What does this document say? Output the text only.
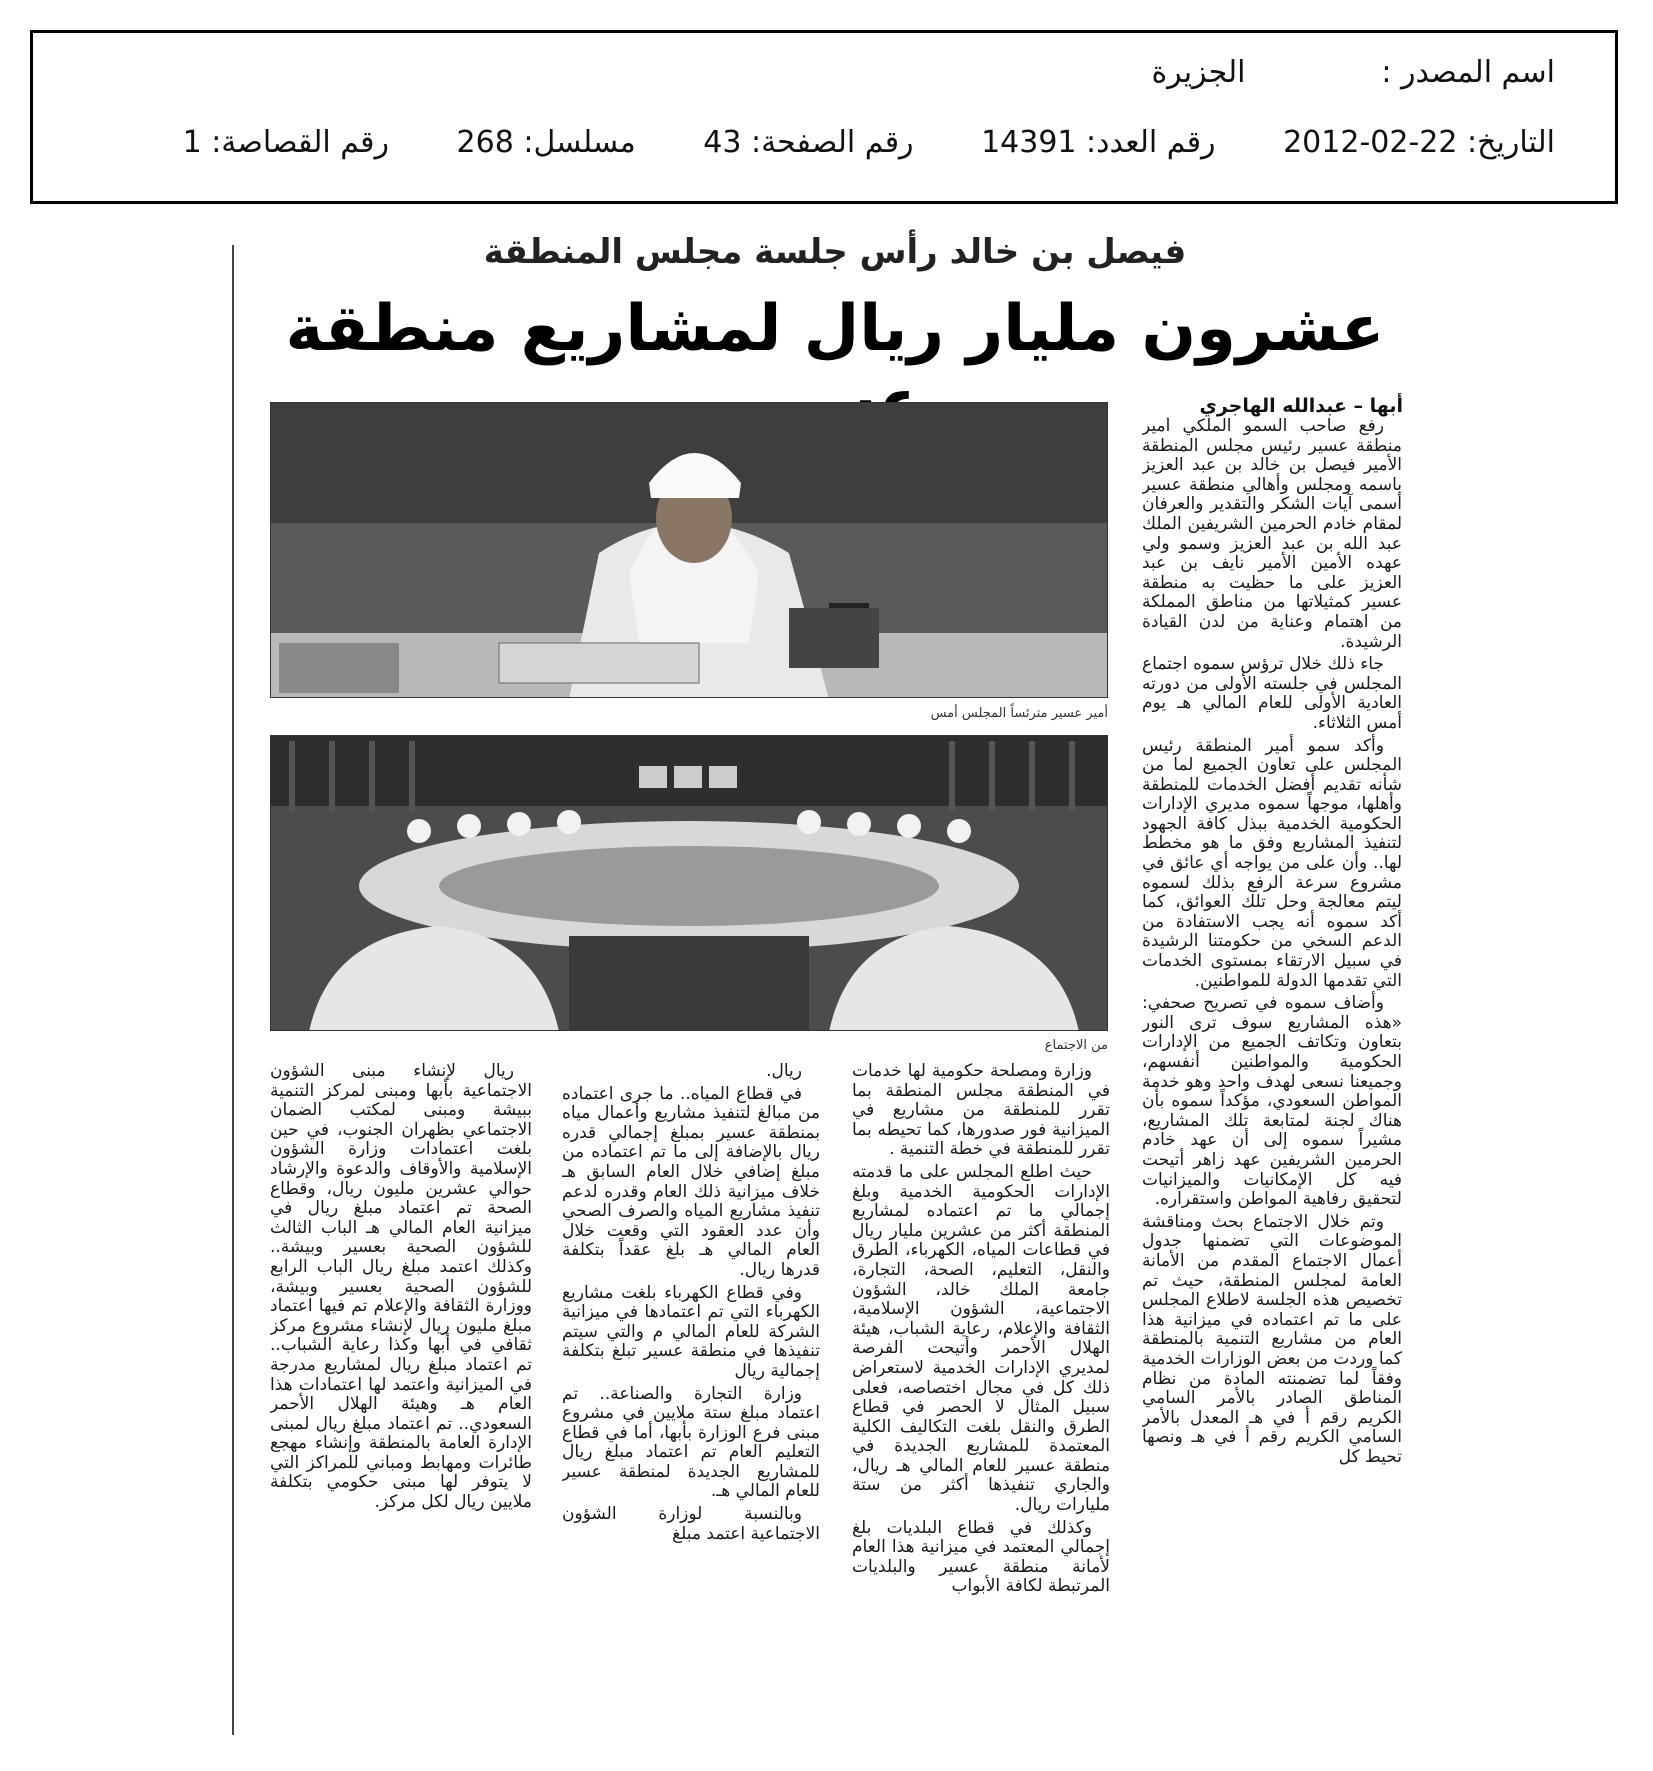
اسم المصدر : الجزيرة
التاريخ: 22-02-2012 رقم العدد: 14391 رقم الصفحة: 43 مسلسل: 268 رقم القصاصة: 1
فيصل بن خالد رأس جلسة مجلس المنطقة
عشرون مليار ريال لمشاريع منطقة
أبها – عبدالله الهاجري
أمير عسير مترئساً المجلس أمس
من الاجتماع

رفع صاحب السمو الملكي أمير منطقة عسير رئيس مجلس المنطقة الأمير فيصل بن خالد بن عبد العزيز باسمه ومجلس وأهالي منطقة عسير أسمى آيات الشكر والتقدير والعرفان لمقام خادم الحرمين الشريفين الملك عبد الله بن عبد العزيز وسمو ولي عهده الأمين الأمير نايف بن عبد العزيز على ما حظيت به منطقة عسير كمثيلاتها من مناطق المملكة من اهتمام وعناية من لدن القيادة الرشيدة.

جاء ذلك خلال ترؤس سموه اجتماع المجلس في جلسته الأولى من دورته العادية الأولى للعام المالي هـ يوم أمس الثلاثاء.

وأكد سمو أمير المنطقة رئيس المجلس على تعاون الجميع لما من شأنه تقديم أفضل الخدمات للمنطقة وأهلها، موجهاً سموه مديري الإدارات الحكومية الخدمية ببذل كافة الجهود لتنفيذ المشاريع وفق ما هو مخطط لها.. وأن على من يواجه أي عائق في مشروع سرعة الرفع بذلك لسموه ليتم معالجة وحل تلك العوائق، كما أكد سموه أنه يجب الاستفادة من الدعم السخي من حكومتنا الرشيدة في سبيل الارتقاء بمستوى الخدمات التي تقدمها الدولة للمواطنين.

وأضاف سموه في تصريح صحفي: «هذه المشاريع سوف ترى النور بتعاون وتكاتف الجميع من الإدارات الحكومية والمواطنين أنفسهم، وجميعنا نسعى لهدف واحد وهو خدمة المواطن السعودي، مؤكداً سموه بأن هناك لجنة لمتابعة تلك المشاريع، مشيراً سموه إلى أن عهد خادم الحرمين الشريفين عهد زاهر أتيحت فيه كل الإمكانيات والميزانيات لتحقيق رفاهية المواطن واستقراره.

وتم خلال الاجتماع بحث ومناقشة الموضوعات التي تضمنها جدول أعمال الاجتماع المقدم من الأمانة العامة لمجلس المنطقة، حيث تم تخصيص هذه الجلسة لاطلاع المجلس على ما تم اعتماده في ميزانية هذا العام من مشاريع التنمية بالمنطقة كما وردت من بعض الوزارات الخدمية وفقاً لما تضمنته المادة من نظام المناطق الصادر بالأمر السامي الكريم رقم أ في هـ المعدل بالأمر السامي الكريم رقم أ في هـ ونصها تحيط كل

وزارة ومصلحة حكومية لها خدمات في المنطقة مجلس المنطقة بما تقرر للمنطقة من مشاريع في الميزانية فور صدورها، كما تحيطه بما تقرر للمنطقة في خطة التنمية .

حيث اطلع المجلس على ما قدمته الإدارات الحكومية الخدمية وبلغ إجمالي ما تم اعتماده لمشاريع المنطقة أكثر من عشرين مليار ريال في قطاعات المياه، الكهرباء، الطرق والنقل، التعليم، الصحة، التجارة، جامعة الملك خالد، الشؤون الاجتماعية، الشؤون الإسلامية، الثقافة والإعلام، رعاية الشباب، هيئة الهلال الأحمر وأتيحت الفرصة لمديري الإدارات الخدمية لاستعراض ذلك كل في مجال اختصاصه، فعلى سبيل المثال لا الحصر في قطاع الطرق والنقل بلغت التكاليف الكلية المعتمدة للمشاريع الجديدة في منطقة عسير للعام المالي هـ ريال، والجاري تنفيذها أكثر من ستة مليارات ريال.

وكذلك في قطاع البلديات بلغ إجمالي المعتمد في ميزانية هذا العام لأمانة منطقة عسير والبلديات المرتبطة لكافة الأبواب

ريال.

في قطاع المياه.. ما جرى اعتماده من مبالغ لتنفيذ مشاريع وأعمال مياه بمنطقة عسير بمبلغ إجمالي قدره ريال بالإضافة إلى ما تم اعتماده من مبلغ إضافي خلال العام السابق هـ خلاف ميزانية ذلك العام وقدره لدعم تنفيذ مشاريع المياه والصرف الصحي وأن عدد العقود التي وقعت خلال العام المالي هـ بلغ عقداً بتكلفة قدرها ريال.

وفي قطاع الكهرباء بلغت مشاريع الكهرباء التي تم اعتمادها في ميزانية الشركة للعام المالي م والتي سيتم تنفيذها في منطقة عسير تبلغ بتكلفة إجمالية ريال

وزارة التجارة والصناعة.. تم اعتماد مبلغ ستة ملايين في مشروع مبنى فرع الوزارة بأبها، أما في قطاع التعليم العام تم اعتماد مبلغ ريال للمشاريع الجديدة لمنطقة عسير للعام المالي هـ.

وبالنسبة لوزارة الشؤون الاجتماعية اعتمد مبلغ

ريال لإنشاء مبنى الشؤون الاجتماعية بأبها ومبنى لمركز التنمية ببيشة ومبنى لمكتب الضمان الاجتماعي بظهران الجنوب، في حين بلغت اعتمادات وزارة الشؤون الإسلامية والأوقاف والدعوة والإرشاد حوالي عشرين مليون ريال، وقطاع الصحة تم اعتماد مبلغ ريال في ميزانية العام المالي هـ الباب الثالث للشؤون الصحية بعسير وبيشة.. وكذلك اعتمد مبلغ ريال الباب الرابع للشؤون الصحية بعسير وبيشة، ووزارة الثقافة والإعلام تم فيها اعتماد مبلغ مليون ريال لإنشاء مشروع مركز ثقافي في أبها وكذا رعاية الشباب.. تم اعتماد مبلغ ريال لمشاريع مدرجة في الميزانية واعتمد لها اعتمادات هذا العام هـ وهيئة الهلال الأحمر السعودي.. تم اعتماد مبلغ ريال لمبنى الإدارة العامة بالمنطقة وإنشاء مهجع طائرات ومهابط ومباني للمراكز التي لا يتوفر لها مبنى حكومي بتكلفة ملايين ريال لكل مركز.
